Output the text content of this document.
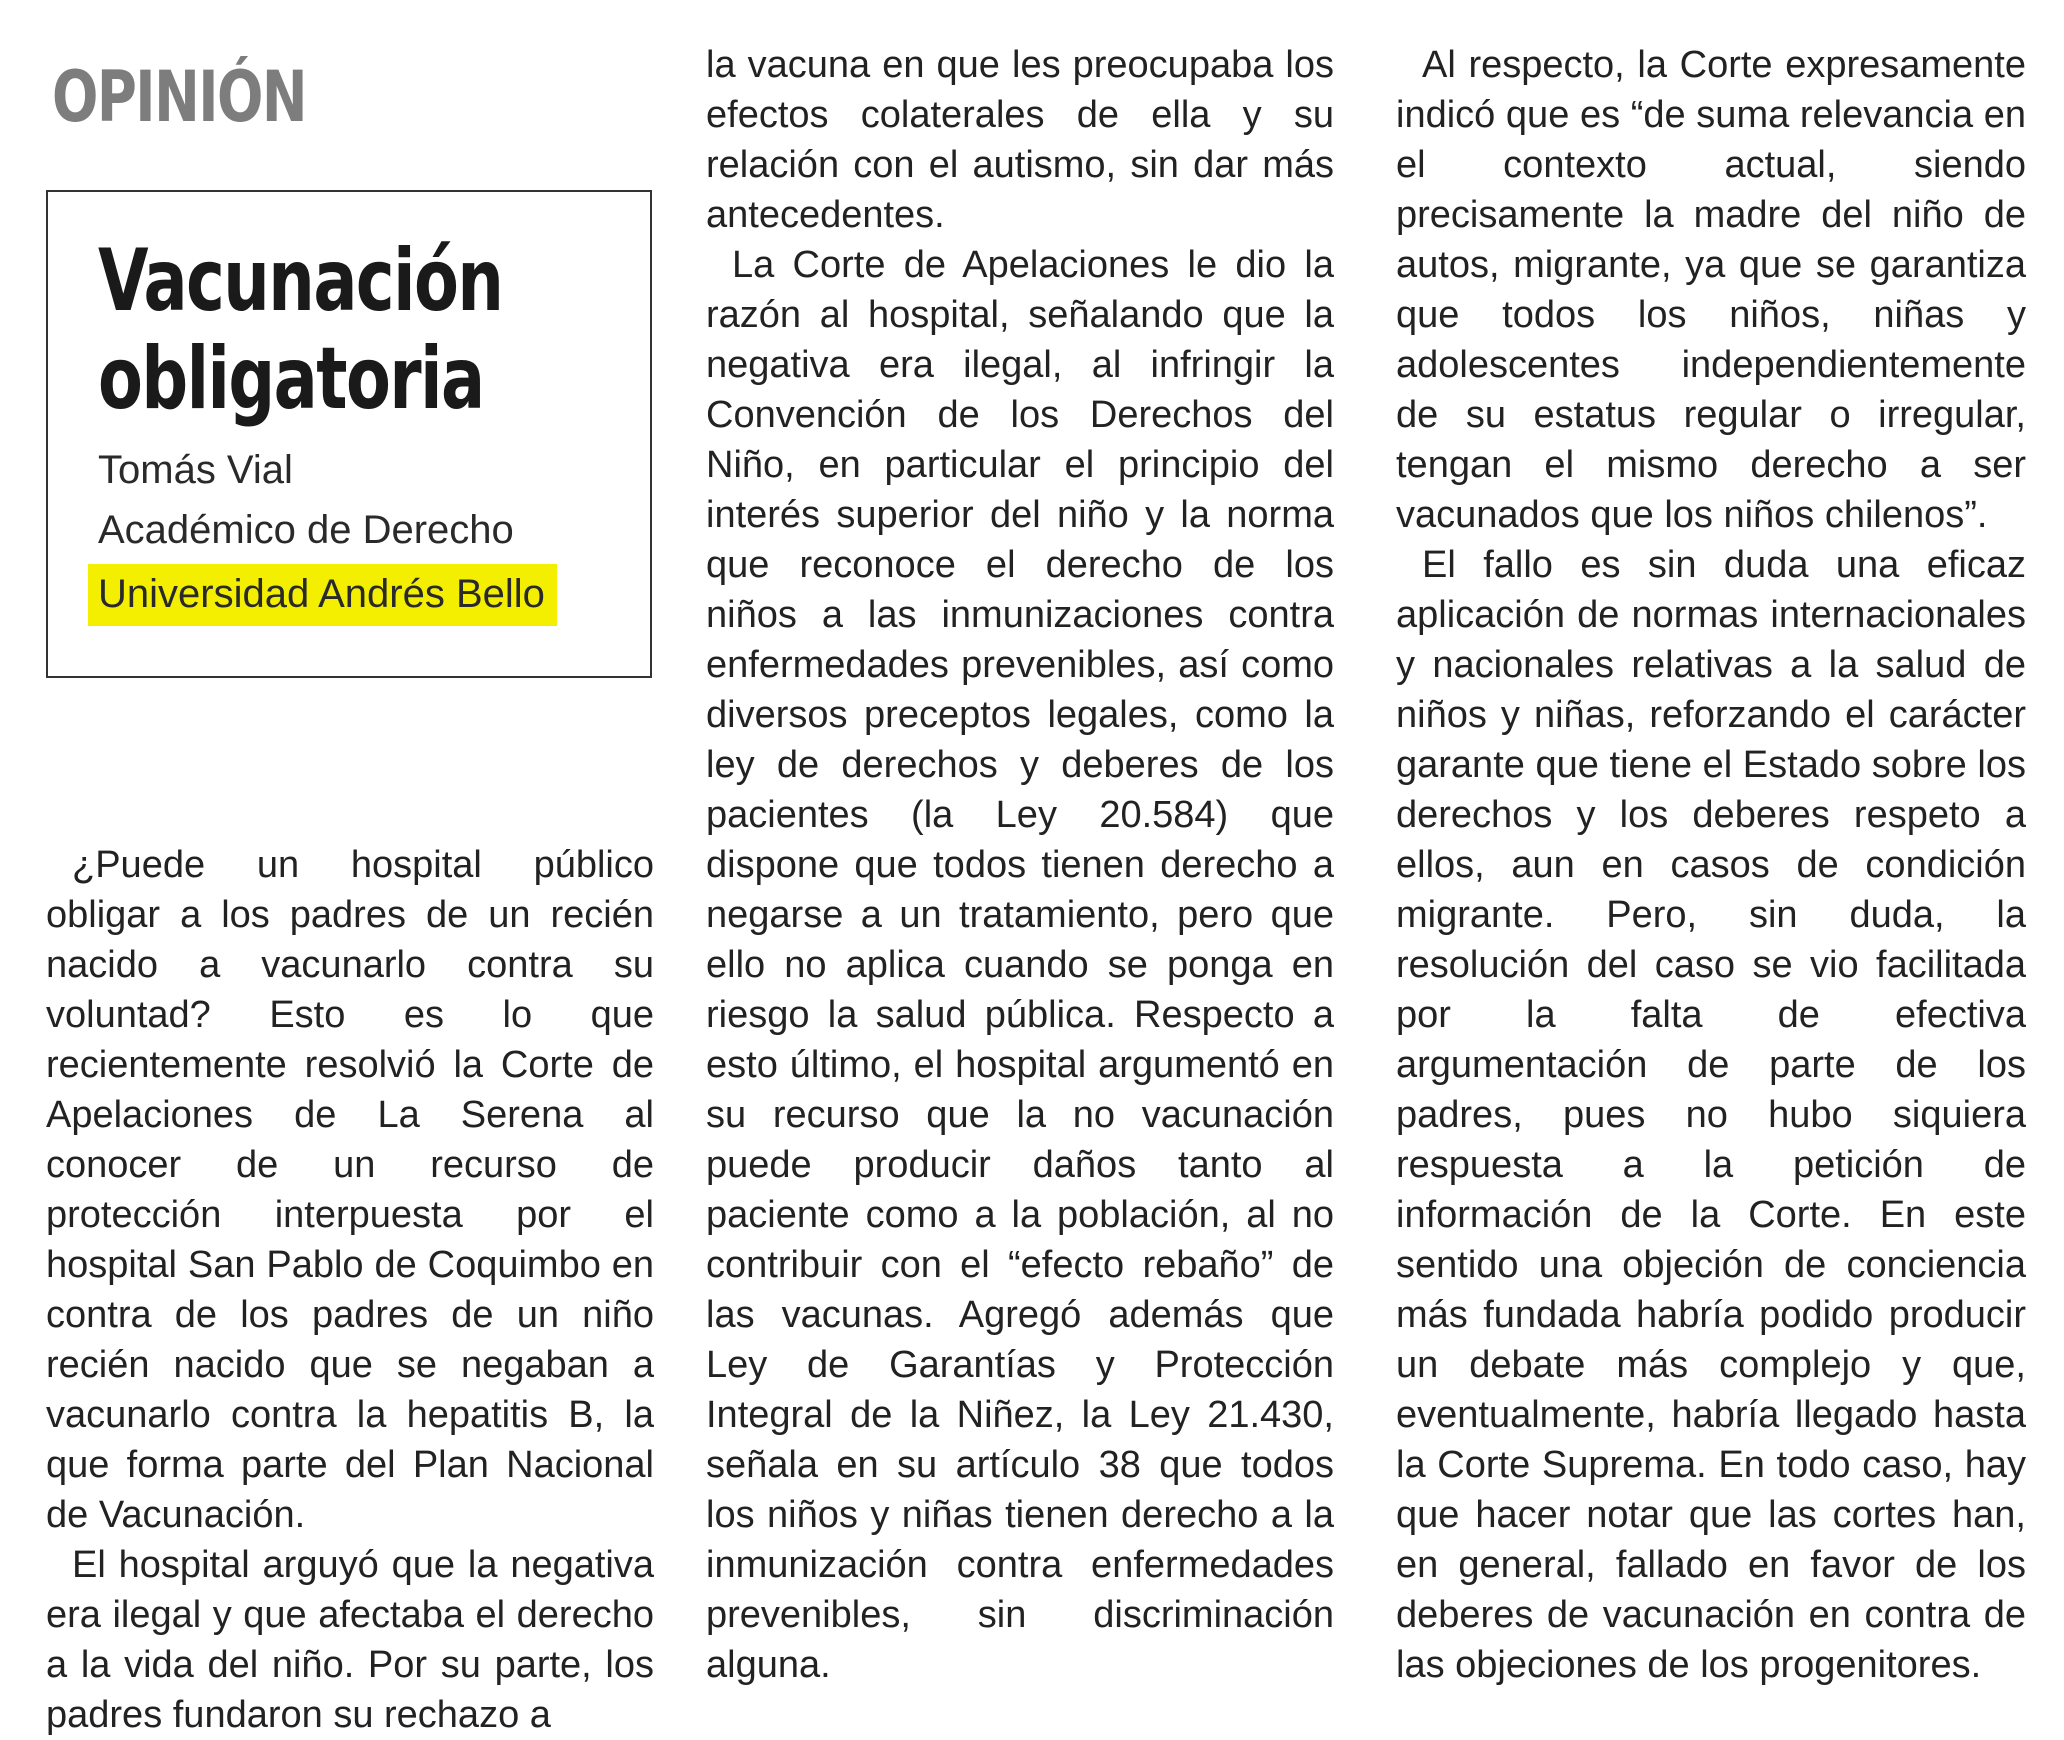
OPINIÓN
Vacunación
obligatoria
Tomás Vial
Académico de Derecho
Universidad Andrés Bello

¿Puede un hospital público obligar a los padres de un recién nacido a vacunarlo contra su voluntad? Esto es lo que recientemente resolvió la Corte de Apelaciones de La Serena al conocer de un recurso de protección interpuesta por el hospital San Pablo de Coquimbo en contra de los padres de un niño recién nacido que se negaban a vacunarlo contra la hepatitis B, la que forma parte del Plan Nacional de Vacunación.

El hospital arguyó que la negativa era ilegal y que afectaba el derecho a la vida del niño. Por su parte, los padres fundaron su rechazo a

la vacuna en que les preocupaba los efectos colaterales de ella y su relación con el autismo, sin dar más antecedentes.

La Corte de Apelaciones le dio la razón al hospital, señalando que la negativa era ilegal, al infringir la Convención de los Derechos del Niño, en particular el principio del interés superior del niño y la norma que reconoce el derecho de los niños a las inmunizaciones contra enfermedades prevenibles, así como diversos preceptos legales, como la ley de derechos y deberes de los pacientes (la Ley 20.584) que dispone que todos tienen derecho a negarse a un tratamiento, pero que ello no aplica cuando se ponga en riesgo la salud pública. Respecto a esto último, el hospital argumentó en su recurso que la no vacunación puede producir daños tanto al paciente como a la población, al no contribuir con el “efecto rebaño” de las vacunas. Agregó además que Ley de Garantías y Protección Integral de la Niñez, la Ley 21.430, señala en su artículo 38 que todos los niños y niñas tienen derecho a la inmunización contra enfermedades prevenibles, sin discriminación alguna.

Al respecto, la Corte expresamente indicó que es “de suma relevancia en el contexto actual, siendo precisamente la madre del niño de autos, migrante, ya que se garantiza que todos los niños, niñas y adolescentes independientemente de su estatus regular o irregular, tengan el mismo derecho a ser vacunados que los niños chilenos”.

El fallo es sin duda una eficaz aplicación de normas internacionales y nacionales relativas a la salud de niños y niñas, reforzando el carácter garante que tiene el Estado sobre los derechos y los deberes respeto a ellos, aun en casos de condición migrante. Pero, sin duda, la resolución del caso se vio facilitada por la falta de efectiva argumentación de parte de los padres, pues no hubo siquiera respuesta a la petición de información de la Corte. En este sentido una objeción de conciencia más fundada habría podido producir un debate más complejo y que, eventualmente, habría llegado hasta la Corte Suprema. En todo caso, hay que hacer notar que las cortes han, en general, fallado en favor de los deberes de vacunación en contra de las objeciones de los progenitores.
